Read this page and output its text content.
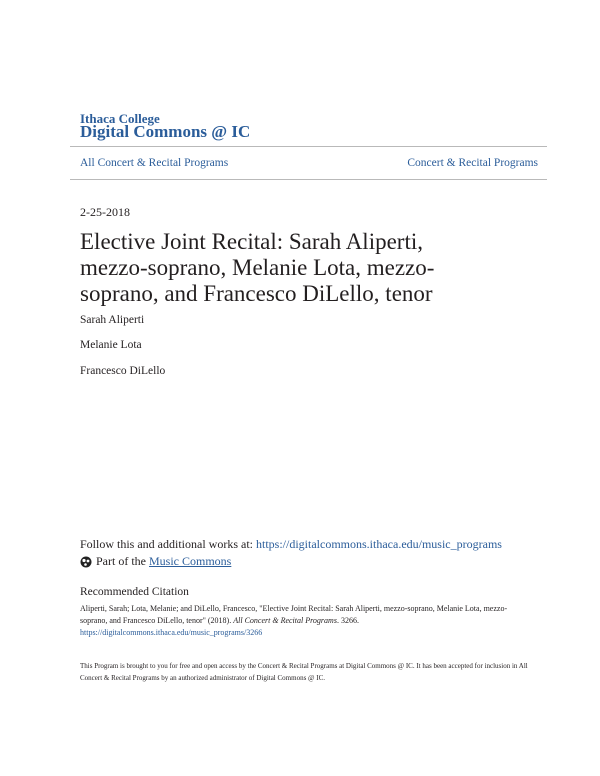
Ithaca College
Digital Commons @ IC
All Concert & Recital Programs	Concert & Recital Programs
2-25-2018
Elective Joint Recital: Sarah Aliperti, mezzo-soprano, Melanie Lota, mezzo-soprano, and Francesco DiLello, tenor
Sarah Aliperti
Melanie Lota
Francesco DiLello
Follow this and additional works at: https://digitalcommons.ithaca.edu/music_programs
Part of the
Music Commons
Recommended Citation
Aliperti, Sarah; Lota, Melanie; and DiLello, Francesco, "Elective Joint Recital: Sarah Aliperti, mezzo-soprano, Melanie Lota, mezzo-soprano, and Francesco DiLello, tenor" (2018). All Concert & Recital Programs. 3266.
https://digitalcommons.ithaca.edu/music_programs/3266
This Program is brought to you for free and open access by the Concert & Recital Programs at Digital Commons @ IC. It has been accepted for inclusion in All Concert & Recital Programs by an authorized administrator of Digital Commons @ IC.
